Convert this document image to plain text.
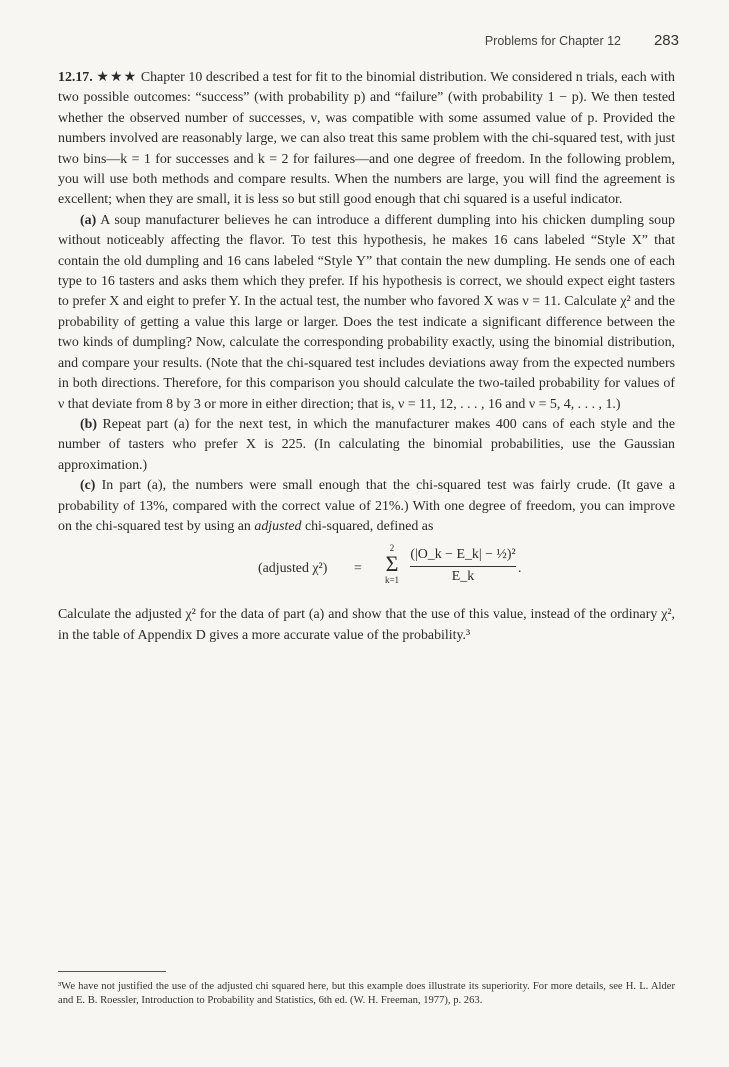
Problems for Chapter 12 283

12.17. ★★★ Chapter 10 described a test for fit to the binomial distribution. We considered n trials, each with two possible outcomes: “success” (with probability p) and “failure” (with probability 1 − p). We then tested whether the observed number of successes, ν, was compatible with some assumed value of p. Provided the numbers involved are reasonably large, we can also treat this same problem with the chi-squared test, with just two bins—k = 1 for successes and k = 2 for failures—and one degree of freedom. In the following problem, you will use both methods and compare results. When the numbers are large, you will find the agreement is excellent; when they are small, it is less so but still good enough that chi squared is a useful indicator.

(a) A soup manufacturer believes he can introduce a different dumpling into his chicken dumpling soup without noticeably affecting the flavor. To test this hypothesis, he makes 16 cans labeled “Style X” that contain the old dumpling and 16 cans labeled “Style Y” that contain the new dumpling. He sends one of each type to 16 tasters and asks them which they prefer. If his hypothesis is correct, we should expect eight tasters to prefer X and eight to prefer Y. In the actual test, the number who favored X was ν = 11. Calculate χ² and the probability of getting a value this large or larger. Does the test indicate a significant difference between the two kinds of dumpling? Now, calculate the corresponding probability exactly, using the binomial distribution, and compare your results. (Note that the chi-squared test includes deviations away from the expected numbers in both directions. Therefore, for this comparison you should calculate the two-tailed probability for values of ν that deviate from 8 by 3 or more in either direction; that is, ν = 11, 12, . . . , 16 and ν = 5, 4, . . . , 1.)

(b) Repeat part (a) for the next test, in which the manufacturer makes 400 cans of each style and the number of tasters who prefer X is 225. (In calculating the binomial probabilities, use the Gaussian approximation.)

(c) In part (a), the numbers were small enough that the chi-squared test was fairly crude. (It gave a probability of 13%, compared with the correct value of 21%.) With one degree of freedom, you can improve on the chi-squared test by using an adjusted chi-squared, defined as

(adjusted χ²) =
2
Σ
$k=1 \frac{\text{(|O\_k − E\_k| − ½)²}}{E\_k}$ .

Calculate the adjusted χ² for the data of part (a) and show that the use of this value, instead of the ordinary χ², in the table of Appendix D gives a more accurate value of the probability.³

³We have not justified the use of the adjusted chi squared here, but this example does illustrate its superiority. For more details, see H. L. Alder and E. B. Roessler, Introduction to Probability and Statistics, 6th ed. (W. H. Freeman, 1977), p. 263.
